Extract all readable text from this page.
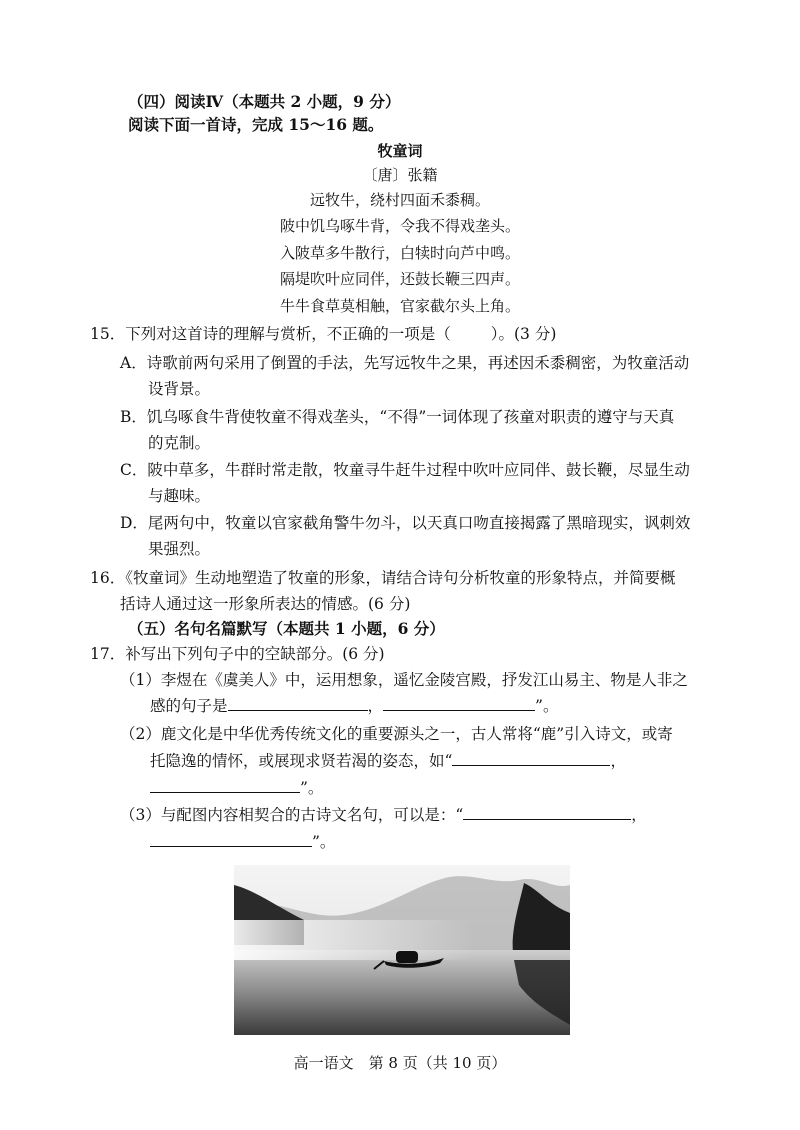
（四）阅读Ⅳ（本题共 2 小题，9 分）
阅读下面一首诗，完成 15～16 题。
牧童词
〔唐〕张籍
远牧牛，绕村四面禾黍稠。
陂中饥乌啄牛背，令我不得戏垄头。
入陂草多牛散行，白犊时向芦中鸣。
隔堤吹叶应同伴，还鼓长鞭三四声。
牛牛食草莫相触，官家截尔头上角。
15．下列对这首诗的理解与赏析，不正确的一项是（	）。(3 分)
A．诗歌前两句采用了倒置的手法，先写远牧牛之果，再述因禾黍稠密，为牧童活动
设背景。
B．饥乌啄食牛背使牧童不得戏垄头，“不得”一词体现了孩童对职责的遵守与天真
的克制。
C．陂中草多，牛群时常走散，牧童寻牛赶牛过程中吹叶应同伴、鼓长鞭，尽显生动
与趣味。
D．尾两句中，牧童以官家截角警牛勿斗，以天真口吻直接揭露了黑暗现实，讽刺效
果强烈。
16．《牧童词》生动地塑造了牧童的形象，请结合诗句分析牧童的形象特点，并简要概
括诗人通过这一形象所表达的情感。(6 分)
（五）名句名篇默写（本题共 1 小题，6 分）
17．补写出下列句子中的空缺部分。(6 分)
（1）李煜在《虞美人》中，运用想象，遥忆金陵宫殿，抒发江山易主、物是人非之
感的句子是	，	”。
（2）鹿文化是中华优秀传统文化的重要源头之一，古人常将“鹿”引入诗文，或寄
托隐逸的情怀，或展现求贤若渴的姿态，如“	，
”。
（3）与配图内容相契合的古诗文名句，可以是：“	，
”。
高一语文　第 8 页（共 10 页）
